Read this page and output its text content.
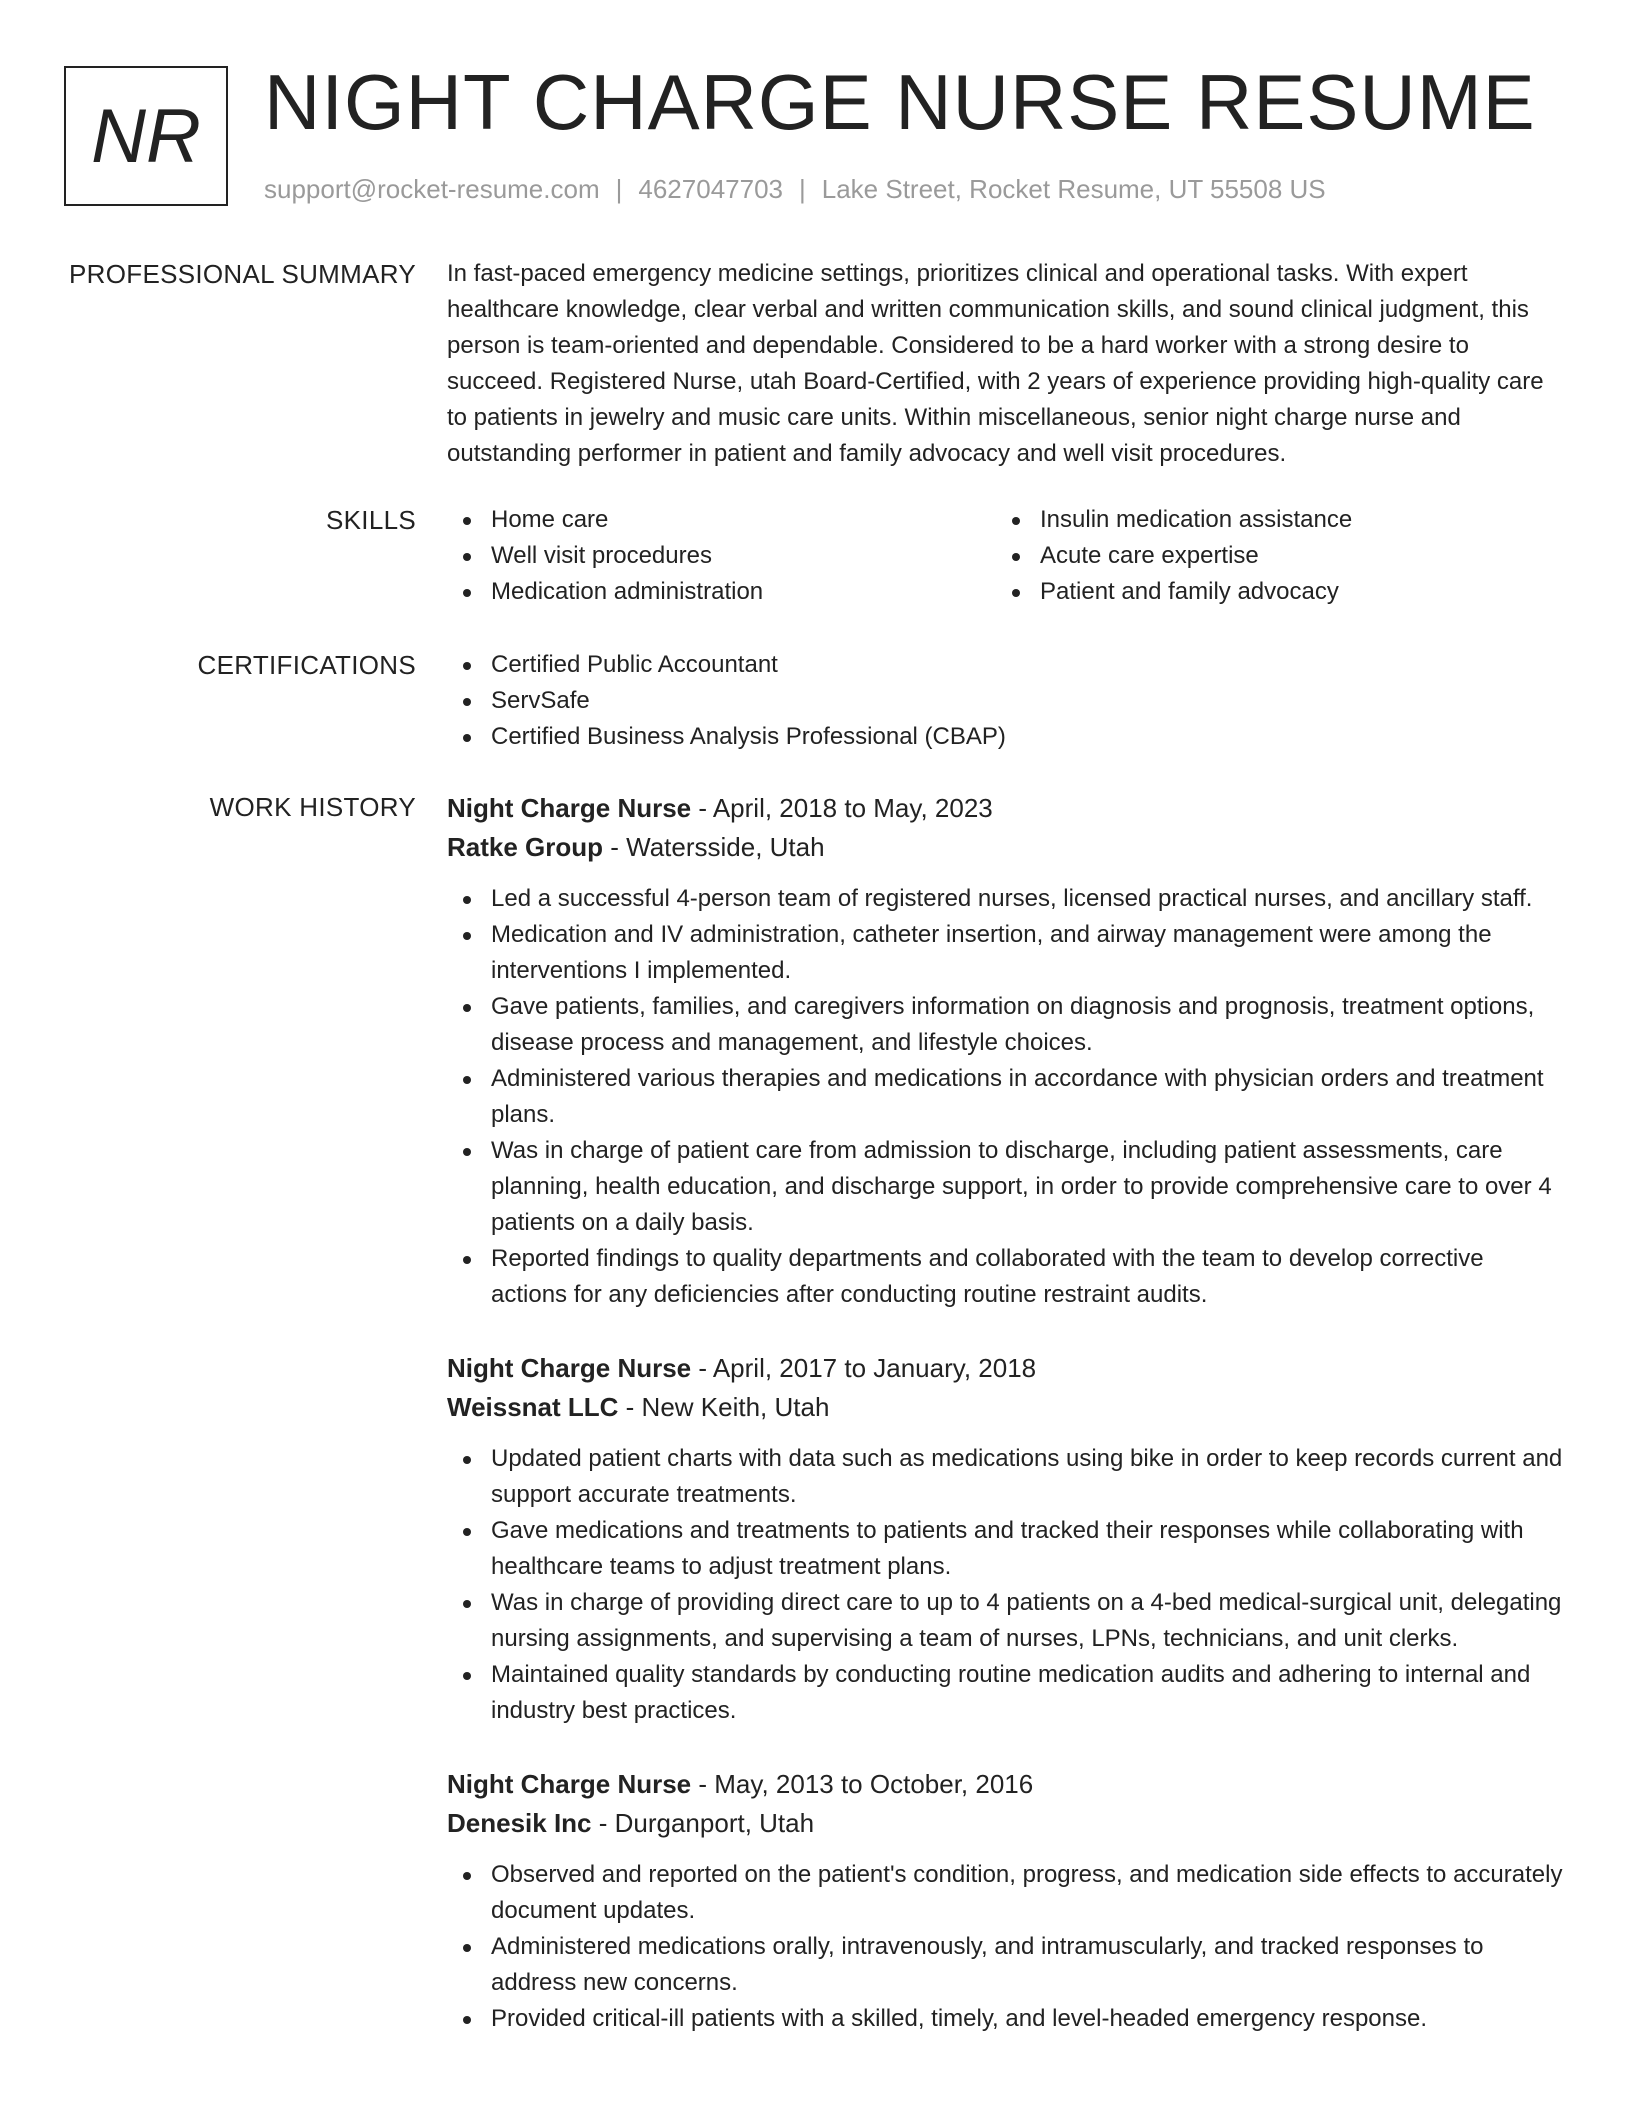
NR NIGHT CHARGE NURSE RESUME
support@rocket-resume.com | 4627047703 | Lake Street, Rocket Resume, UT 55508 US
PROFESSIONAL SUMMARY In fast-paced emergency medicine settings, prioritizes clinical and operational tasks. With expert healthcare knowledge, clear verbal and written communication skills, and sound clinical judgment, this person is team-oriented and dependable. Considered to be a hard worker with a strong desire to succeed. Registered Nurse, utah Board-Certified, with 2 years of experience providing high-quality care to patients in jewelry and music care units. Within miscellaneous, senior night charge nurse and outstanding performer in patient and family advocacy and well visit procedures.

SKILLS	Home care
Well visit procedures
Medication administration
Insulin medication assistance
Acute care expertise
Patient and family advocacy
CERTIFICATIONS	Certified Public Accountant
ServSafe
Certified Business Analysis Professional (CBAP)
WORK HISTORY Night Charge Nurse - April, 2018 to May, 2023
Ratke Group - Watersside, Utah
Led a successful 4-person team of registered nurses, licensed practical nurses, and ancillary staff.
Medication and IV administration, catheter insertion, and airway management were among the interventions I implemented.
Gave patients, families, and caregivers information on diagnosis and prognosis, treatment options, disease process and management, and lifestyle choices.
Administered various therapies and medications in accordance with physician orders and treatment plans.
Was in charge of patient care from admission to discharge, including patient assessments, care planning, health education, and discharge support, in order to provide comprehensive care to over 4 patients on a daily basis.
Reported findings to quality departments and collaborated with the team to develop corrective actions for any deficiencies after conducting routine restraint audits.
Night Charge Nurse - April, 2017 to January, 2018
Weissnat LLC - New Keith, Utah
Updated patient charts with data such as medications using bike in order to keep records current and support accurate treatments.
Gave medications and treatments to patients and tracked their responses while collaborating with healthcare teams to adjust treatment plans.
Was in charge of providing direct care to up to 4 patients on a 4-bed medical-surgical unit, delegating nursing assignments, and supervising a team of nurses, LPNs, technicians, and unit clerks.
Maintained quality standards by conducting routine medication audits and adhering to internal and industry best practices.
Night Charge Nurse - May, 2013 to October, 2016
Denesik Inc - Durganport, Utah
Observed and reported on the patient's condition, progress, and medication side effects to accurately document updates.
Administered medications orally, intravenously, and intramuscularly, and tracked responses to address new concerns.
Provided critical-ill patients with a skilled, timely, and level-headed emergency response.
